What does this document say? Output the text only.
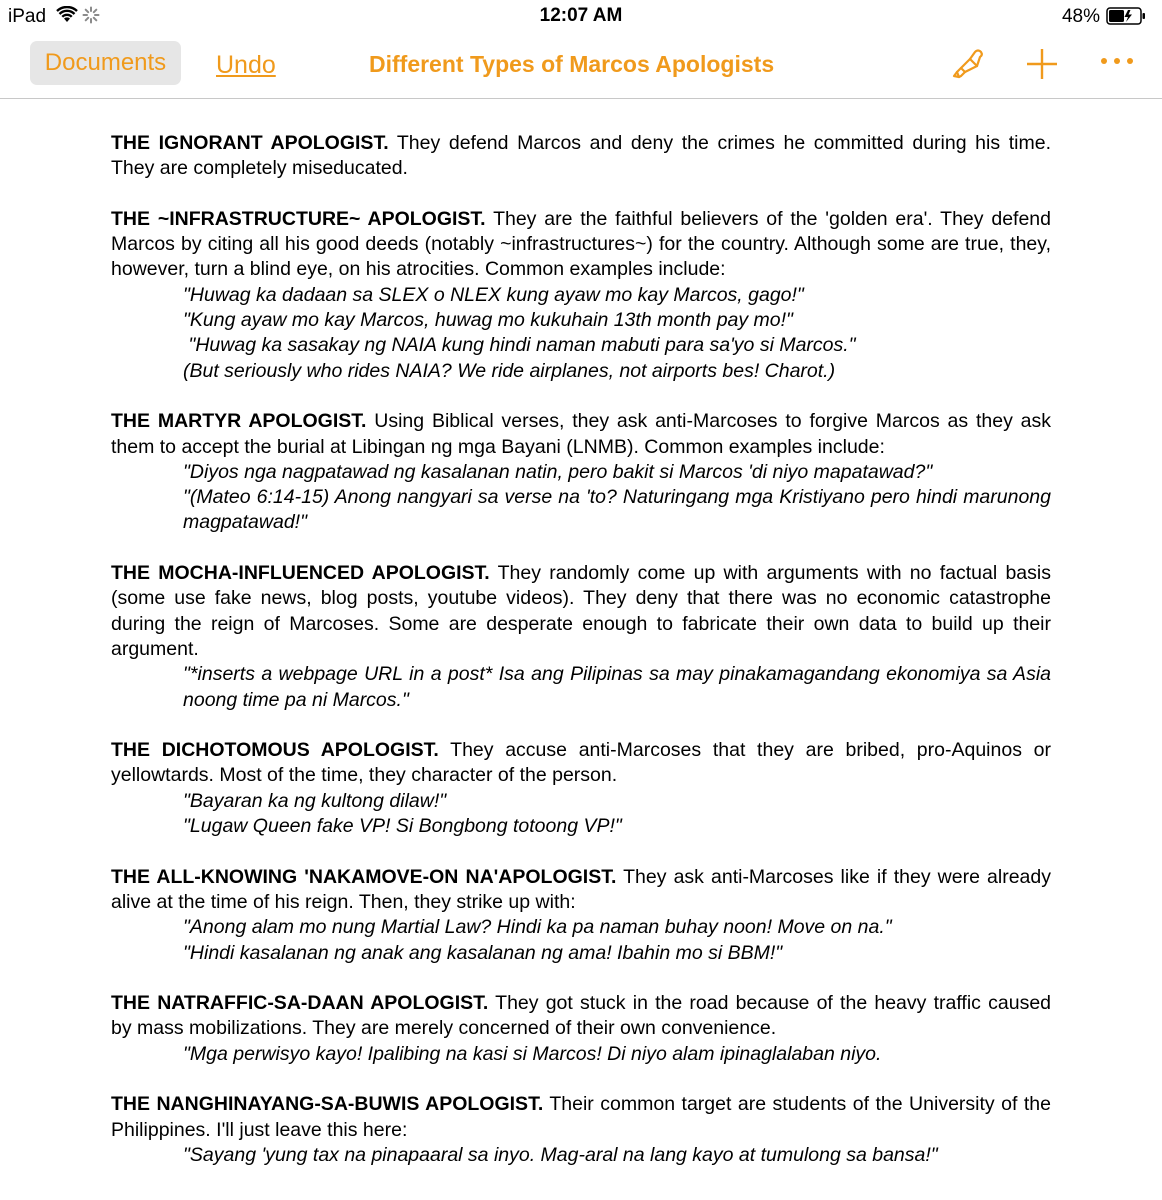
iPad	12:07 AM	48%
Documents	Undo	Different Types of Marcos Apologists
THE IGNORANT APOLOGIST. They defend Marcos and deny the crimes he committed during his time. They are completely miseducated.
THE ~INFRASTRUCTURE~ APOLOGIST. They are the faithful believers of the 'golden era'. They defend Marcos by citing all his good deeds (notably ~infrastructures~) for the country. Although some are true, they, however, turn a blind eye, on his atrocities. Common examples include:
"Huwag ka dadaan sa SLEX o NLEX kung ayaw mo kay Marcos, gago!"
"Kung ayaw mo kay Marcos, huwag mo kukuhain 13th month pay mo!"
"Huwag ka sasakay ng NAIA kung hindi naman mabuti para sa'yo si Marcos."
(But seriously who rides NAIA? We ride airplanes, not airports bes! Charot.)
THE MARTYR APOLOGIST. Using Biblical verses, they ask anti-Marcoses to forgive Marcos as they ask them to accept the burial at Libingan ng mga Bayani (LNMB). Common examples include:
"Diyos nga nagpatawad ng kasalanan natin, pero bakit si Marcos 'di niyo mapatawad?"
"(Mateo 6:14-15) Anong nangyari sa verse na 'to? Naturingang mga Kristiyano pero hindi marunong magpatawad!"
THE MOCHA-INFLUENCED APOLOGIST. They randomly come up with arguments with no factual basis (some use fake news, blog posts, youtube videos). They deny that there was no economic catastrophe during the reign of Marcoses. Some are desperate enough to fabricate their own data to build up their argument.
"*inserts a webpage URL in a post* Isa ang Pilipinas sa may pinakamagandang ekonomiya sa Asia noong time pa ni Marcos."
THE DICHOTOMOUS APOLOGIST. They accuse anti-Marcoses that they are bribed, pro-Aquinos or yellowtards. Most of the time, they character of the person.
"Bayaran ka ng kultong dilaw!"
"Lugaw Queen fake VP! Si Bongbong totoong VP!"
THE ALL-KNOWING 'NAKAMOVE-ON NA'APOLOGIST. They ask anti-Marcoses like if they were already alive at the time of his reign. Then, they strike up with:
"Anong alam mo nung Martial Law? Hindi ka pa naman buhay noon! Move on na."
"Hindi kasalanan ng anak ang kasalanan ng ama! Ibahin mo si BBM!"
THE NATRAFFIC-SA-DAAN APOLOGIST. They got stuck in the road because of the heavy traffic caused by mass mobilizations. They are merely concerned of their own convenience.
"Mga perwisyo kayo! Ipalibing na kasi si Marcos! Di niyo alam ipinaglalaban niyo.
THE NANGHINAYANG-SA-BUWIS APOLOGIST. Their common target are students of the University of the Philippines. I'll just leave this here:
"Sayang 'yung tax na pinapaaral sa inyo. Mag-aral na lang kayo at tumulong sa bansa!"
